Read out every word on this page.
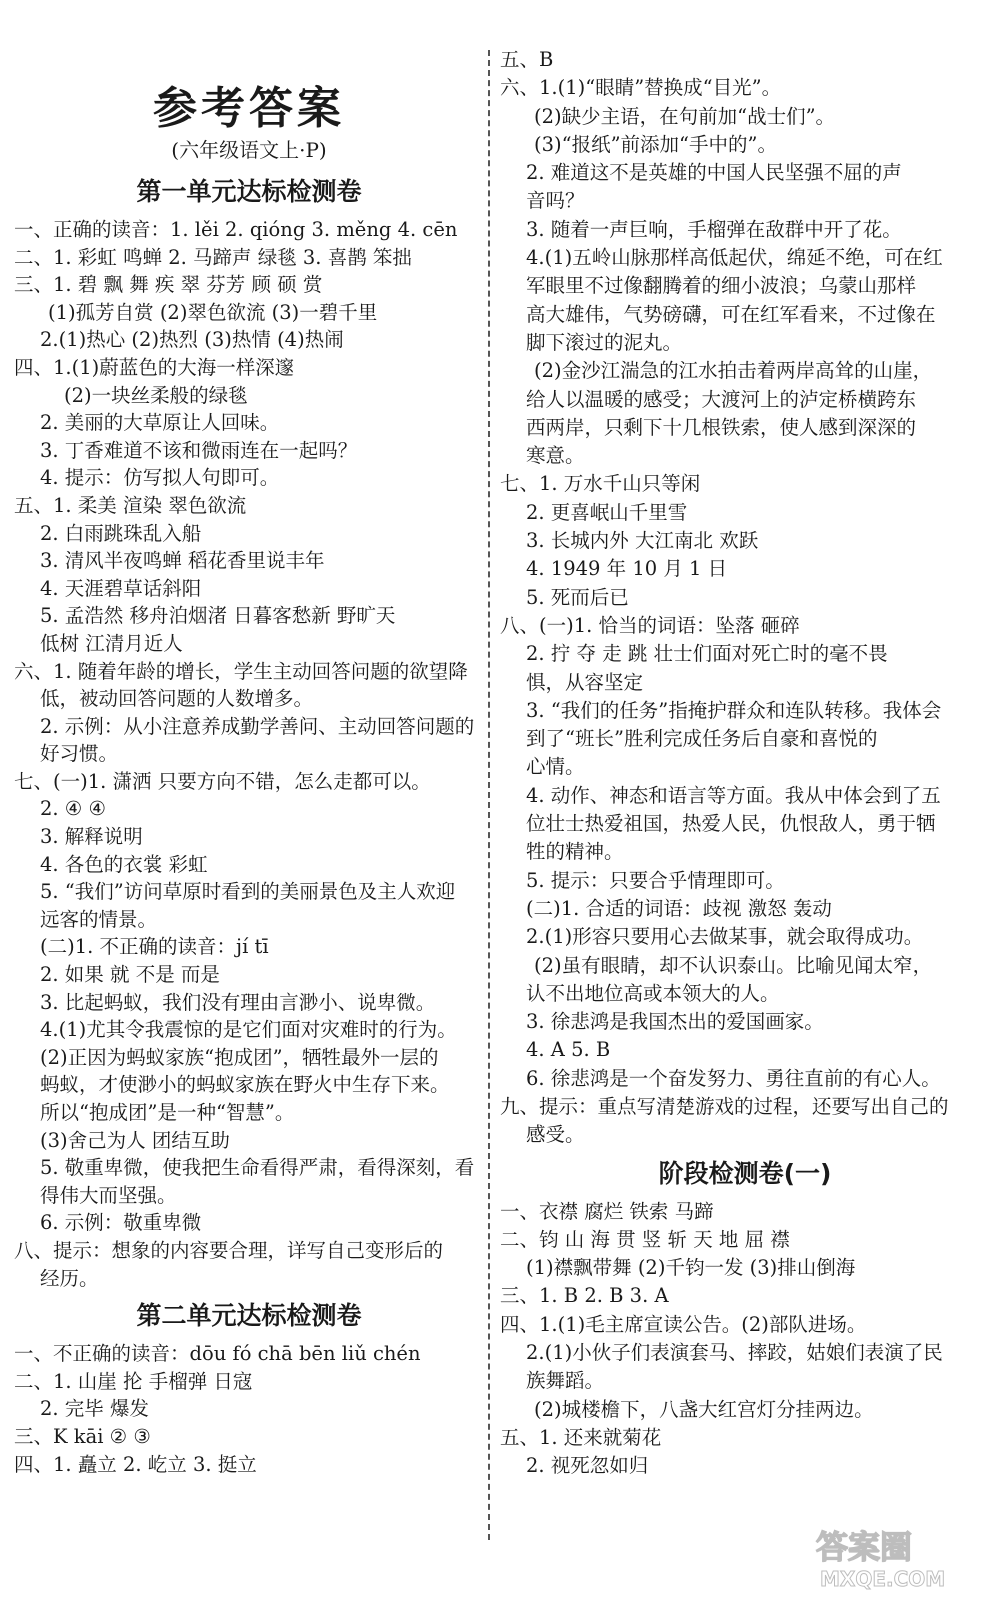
参考答案
(六年级语文上·P)
第一单元达标检测卷
一、正确的读音：1. lěi 2. qióng 3. měng 4. cēn
二、1. 彩虹 鸣蝉 2. 马蹄声 绿毯 3. 喜鹊 笨拙
三、1. 碧 飘 舞 疾 翠 芬芳 顾 硕 赏
(1)孤芳自赏 (2)翠色欲流 (3)一碧千里
2.(1)热心 (2)热烈 (3)热情 (4)热闹
四、1.(1)蔚蓝色的大海一样深邃
(2)一块丝柔般的绿毯
2. 美丽的大草原让人回味。
3. 丁香难道不该和微雨连在一起吗？
4. 提示：仿写拟人句即可。
五、1. 柔美 渲染 翠色欲流
2. 白雨跳珠乱入船
3. 清风半夜鸣蝉 稻花香里说丰年
4. 天涯碧草话斜阳
5. 孟浩然 移舟泊烟渚 日暮客愁新 野旷天
低树 江清月近人
六、1. 随着年龄的增长，学生主动回答问题的欲望降
低，被动回答问题的人数增多。
2. 示例：从小注意养成勤学善问、主动回答问题的
好习惯。
七、(一)1. 潇洒 只要方向不错，怎么走都可以。
2. ④ ④
3. 解释说明
4. 各色的衣裳 彩虹
5. “我们”访问草原时看到的美丽景色及主人欢迎
远客的情景。
(二)1. 不正确的读音：jí tī
2. 如果 就 不是 而是
3. 比起蚂蚁，我们没有理由言渺小、说卑微。
4.(1)尤其令我震惊的是它们面对灾难时的行为。
(2)正因为蚂蚁家族“抱成团”，牺牲最外一层的
蚂蚁，才使渺小的蚂蚁家族在野火中生存下来。
所以“抱成团”是一种“智慧”。
(3)舍己为人 团结互助
5. 敬重卑微，使我把生命看得严肃，看得深刻，看
得伟大而坚强。
6. 示例：敬重卑微
八、提示：想象的内容要合理，详写自己变形后的
经历。
第二单元达标检测卷
一、不正确的读音：dōu fó chā bēn liǔ chén
二、1. 山崖 抡 手榴弹 日寇
2. 完毕 爆发
三、K kāi ② ③
四、1. 矗立 2. 屹立 3. 挺立
五、B
六、1.(1)“眼睛”替换成“目光”。
(2)缺少主语，在句前加“战士们”。
(3)“报纸”前添加“手中的”。
2. 难道这不是英雄的中国人民坚强不屈的声
音吗？
3. 随着一声巨响，手榴弹在敌群中开了花。
4.(1)五岭山脉那样高低起伏，绵延不绝，可在红
军眼里不过像翻腾着的细小波浪；乌蒙山那样
高大雄伟，气势磅礴，可在红军看来，不过像在
脚下滚过的泥丸。
(2)金沙江湍急的江水拍击着两岸高耸的山崖，
给人以温暖的感受；大渡河上的泸定桥横跨东
西两岸，只剩下十几根铁索，使人感到深深的
寒意。
七、1. 万水千山只等闲
2. 更喜岷山千里雪
3. 长城内外 大江南北 欢跃
4. 1949 年 10 月 1 日
5. 死而后已
八、(一)1. 恰当的词语：坠落 砸碎
2. 拧 夺 走 跳 壮士们面对死亡时的毫不畏
惧，从容坚定
3. “我们的任务”指掩护群众和连队转移。我体会
到了“班长”胜利完成任务后自豪和喜悦的
心情。
4. 动作、神态和语言等方面。我从中体会到了五
位壮士热爱祖国，热爱人民，仇恨敌人，勇于牺
牲的精神。
5. 提示：只要合乎情理即可。
(二)1. 合适的词语：歧视 激怒 轰动
2.(1)形容只要用心去做某事，就会取得成功。
(2)虽有眼睛，却不认识泰山。比喻见闻太窄，
认不出地位高或本领大的人。
3. 徐悲鸿是我国杰出的爱国画家。
4. A 5. B
6. 徐悲鸿是一个奋发努力、勇往直前的有心人。
九、提示：重点写清楚游戏的过程，还要写出自己的
感受。
阶段检测卷(一)
一、衣襟 腐烂 铁索 马蹄
二、钧 山 海 贯 竖 斩 天 地 屈 襟
(1)襟飘带舞 (2)千钧一发 (3)排山倒海
三、1. B 2. B 3. A
四、1.(1)毛主席宣读公告。(2)部队进场。
2.(1)小伙子们表演套马、摔跤，姑娘们表演了民
族舞蹈。
(2)城楼檐下，八盏大红宫灯分挂两边。
五、1. 还来就菊花
2. 视死忽如归
答案圈
MXQE.COM
